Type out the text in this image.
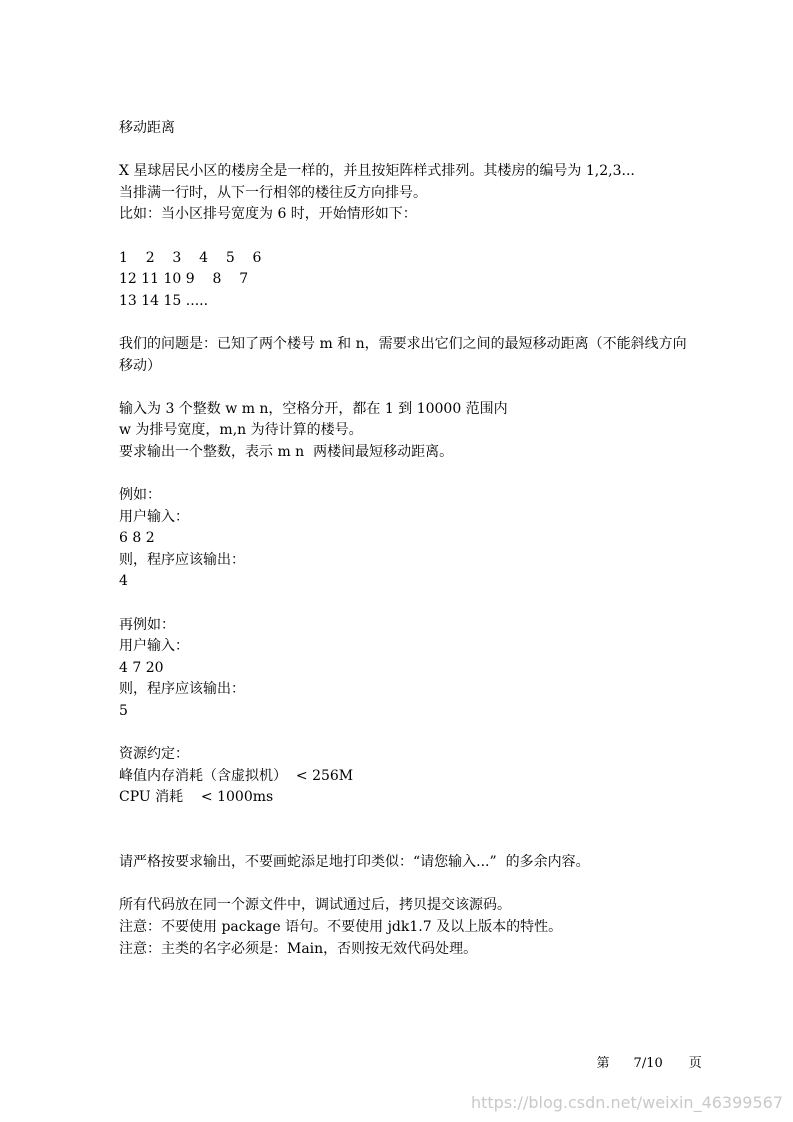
移动距离
X 星球居民小区的楼房全是一样的，并且按矩阵样式排列。其楼房的编号为 1,2,3...
当排满一行时，从下一行相邻的楼往反方向排号。
比如：当小区排号宽度为 6 时，开始情形如下：
1    2    3    4    5    6
12 11 10 9    8    7
13 14 15 .....
我们的问题是：已知了两个楼号 m 和 n，需要求出它们之间的最短移动距离（不能斜线方向
移动）
输入为 3 个整数 w m n，空格分开，都在 1 到 10000 范围内
w 为排号宽度，m,n 为待计算的楼号。
要求输出一个整数，表示 m n  两楼间最短移动距离。
例如：
用户输入：
6 8 2
则，程序应该输出：
4
再例如：
用户输入：
4 7 20
则，程序应该输出：
5
资源约定：
峰值内存消耗（含虚拟机）  < 256M
CPU 消耗    < 1000ms
请严格按要求输出，不要画蛇添足地打印类似：“请您输入...”  的多余内容。
所有代码放在同一个源文件中，调试通过后，拷贝提交该源码。
注意：不要使用 package 语句。不要使用 jdk1.7 及以上版本的特性。
注意：主类的名字必须是：Main，否则按无效代码处理。

第 7/10 页

https://blog.csdn.net/weixin_46399567
